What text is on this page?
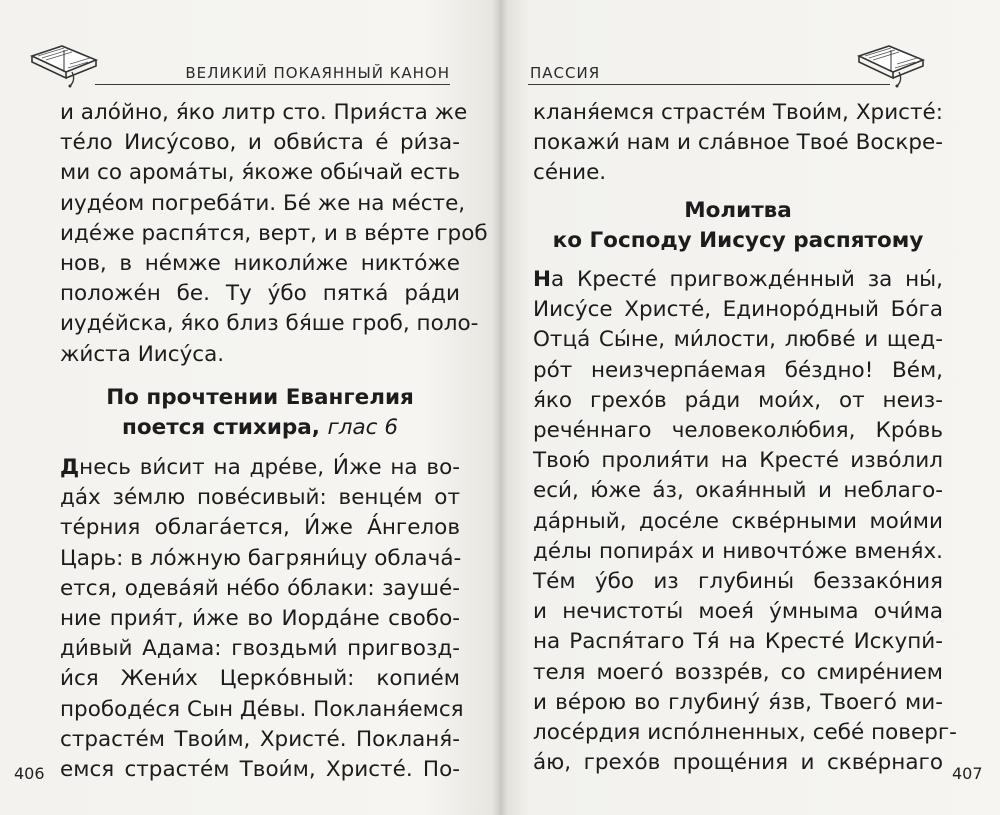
ВЕЛИКИЙ ПОКАЯННЫЙ КАНОН
и алóйно, я́ко литр сто. Прия́ста же
тéло Иисýсово, и обви́ста é ри́за-
ми со аромáты, я́коже обы́чай есть
иудéом погребáти. Бé же на мéсте,
идéже распя́тся, верт, и в вéрте гроб
нов, в нéмже николи́же никтóже
положéн бе. Ту ýбо пяткá рáди
иудéйска, я́ко близ бя́ше гроб, поло-
жи́ста Иисýса.
По прочтении Евангелия
поется стихира, глас 6
Днесь ви́сит на дрéве, И́же на во-
дáх зéмлю повéсивый: венцéм от
тéрния облагáется, И́же А́нгелов
Царь: в лóжную багряни́цу облачá-
ется, одевáяй нéбо óблаки: заушé-
ние прия́т, и́же во Иордáне свобо-
ди́вый Адама: гвоздьми́ пригвозд-
и́ся Жени́х Церкóвный: копиéм
прободéся Сын Дéвы. Покланя́емся
страстéм Твои́м, Христé. Покланя́-
емся страстéм Твои́м, Христé. По-
406
ПАССИЯ
кланя́емся страстéм Твои́м, Христé:
покажи́ нам и слáвное Твоé Воскре-
сéние.
Молитва
ко Господу Иисусу распятому
На Крестé пригвождéнный за ны́,
Иисýсе Христé, Единорóдный Бóга
Отцá Сы́не, ми́лости, любвé и щед-
рóт неизчерпáемая бéздно! Вéм,
я́ко грехóв рáди мои́х, от неиз-
речéннаго человеколю́бия, Крóвь
Твою́ пролия́ти на Крестé извóлил
еси́, ю́же áз, окая́нный и неблаго-
дáрный, досéле сквéрными мои́ми
дéлы попирáх и нивочтóже вменя́х.
Тéм ýбо из глубины́ беззакóния
и нечистоты́ моея́ ýмныма очи́ма
на Распя́таго Тя́ на Крестé Искупи́-
теля моегó воззрéв, со смирéнием
и вéрою во глубинý я́зв, Твоегó ми-
лосéрдия испóлненных, себé поверг-
áю, грехóв прощéния и сквéрнаго 407
